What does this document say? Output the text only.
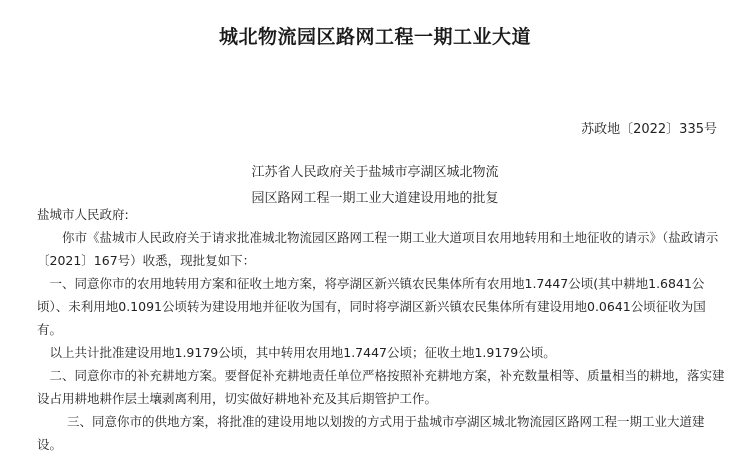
城北物流园区路网工程一期工业大道
苏政地〔2022〕335号
江苏省人民政府关于盐城市亭湖区城北物流
园区路网工程一期工业大道建设用地的批复

盐城市人民政府:

你市《盐城市人民政府关于请求批准城北物流园区路网工程一期工业大道项目农用地转用和土地征收的请示》（盐政请示〔2021〕167号）收悉，现批复如下：

一、同意你市的农用地转用方案和征收土地方案，将亭湖区新兴镇农民集体所有农用地1.7447公顷(其中耕地1.6841公顷）、未利用地0.1091公顷转为建设用地并征收为国有，同时将亭湖区新兴镇农民集体所有建设用地0.0641公顷征收为国有。

以上共计批准建设用地1.9179公顷，其中转用农用地1.7447公顷；征收土地1.9179公顷。

二、同意你市的补充耕地方案。要督促补充耕地责任单位严格按照补充耕地方案，补充数量相等、质量相当的耕地，落实建设占用耕地耕作层土壤剥离利用，切实做好耕地补充及其后期管护工作。

三、同意你市的供地方案，将批准的建设用地以划拨的方式用于盐城市亭湖区城北物流园区路网工程一期工业大道建设。
